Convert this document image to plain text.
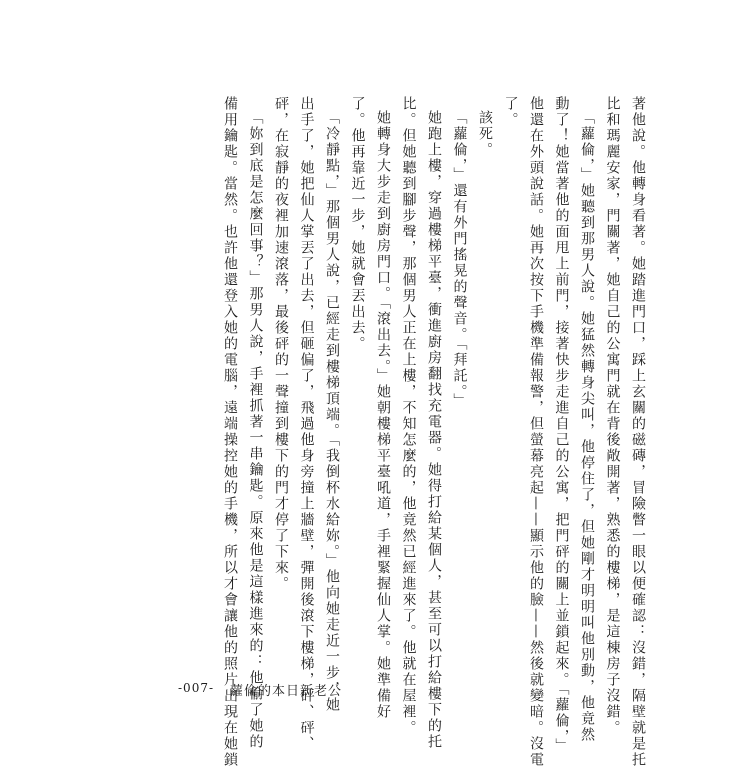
著他說。他轉身看著。她踏進門口，踩上玄關的磁磚，冒險瞥一眼以便確認：沒錯，隔壁就是托

比和瑪麗安家，門關著，她自己的公寓門就在背後敞開著，熟悉的樓梯，是這棟房子沒錯。

「蘿倫，」她聽到那男人說。她猛然轉身尖叫，他停住了，但她剛才明明叫他別動，他竟然

動了！她當著他的面甩上前門，接著快步走進自己的公寓，把門砰的關上並鎖起來。「蘿倫，」

他還在外頭說話。她再次按下手機準備報警，但螢幕亮起——顯示他的臉——然後就變暗。沒電

了。

該死。

「蘿倫，」還有外門搖晃的聲音。「拜託。」

她跑上樓，穿過樓梯平臺，衝進廚房翻找充電器。她得打給某個人，甚至可以打給樓下的托

比。但她聽到腳步聲，那個男人正在上樓，不知怎麼的，他竟然已經進來了。他就在屋裡。

她轉身大步走到廚房門口。「滾出去。」她朝樓梯平臺吼道，手裡緊握仙人掌。她準備好

了。他再靠近一步，她就會丟出去。

「冷靜點，」那個男人說，已經走到樓梯頂端。「我倒杯水給妳。」他向她走近一步，她

出手了，她把仙人掌丟了出去，但砸偏了，飛過他身旁撞上牆壁，彈開後滾下樓梯，砰、砰、

砰，在寂靜的夜裡加速滾落，最後砰的一聲撞到樓下的門才停了下來。

「妳到底是怎麼回事？」那男人說，手裡抓著一串鑰匙。原來他是這樣進來的：他偷了她的

備用鑰匙。當然。也許他還登入她的電腦，遠端操控她的手機，所以才會讓他的照片出現在她鎖

-007- 蘿倫的本日新老公
